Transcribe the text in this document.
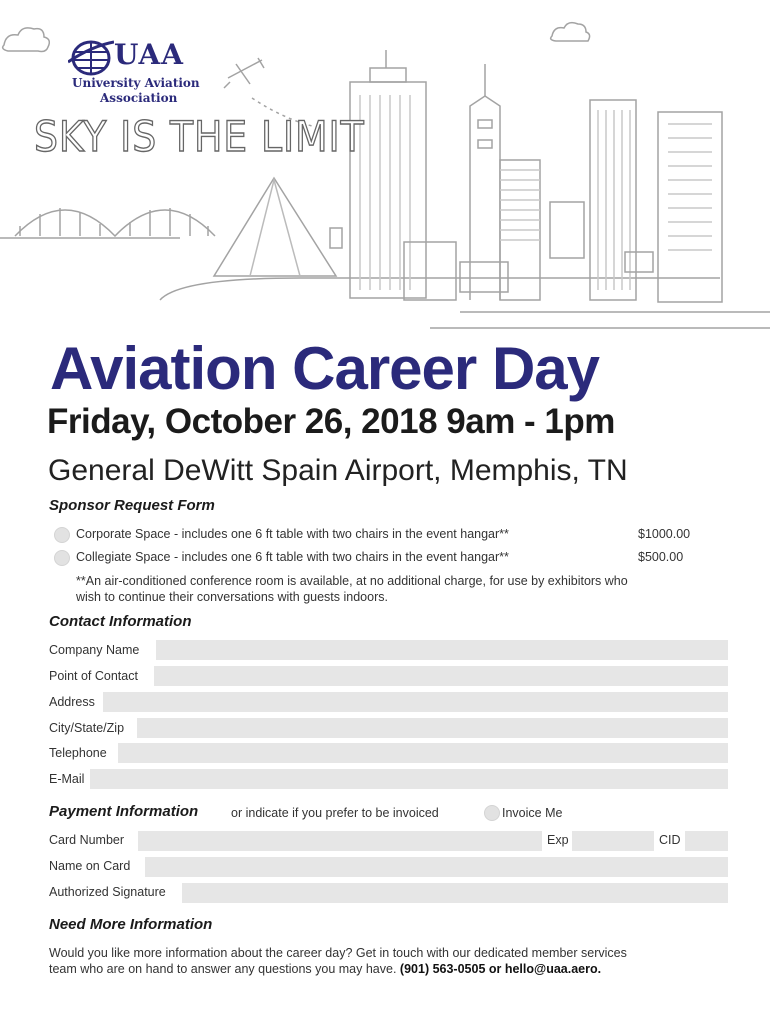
UAA
University Aviation
Association
SKY IS THE LIMIT
Aviation Career Day
Friday, October 26, 2018 9am - 1pm
General DeWitt Spain Airport, Memphis, TN
Sponsor Request Form
Corporate Space - includes one 6 ft table with two chairs in the event hangar**	$1000.00
Collegiate Space - includes one 6 ft table with two chairs in the event hangar**	$500.00
**An air-conditioned conference room is available, at no additional charge, for use by exhibitors who
wish to continue their conversations with guests indoors.
Contact Information
Company Name
Point of Contact
Address
City/State/Zip
Telephone
E-Mail
Payment Information	or indicate if you prefer to be invoiced	Invoice Me
Card Number	Exp	CID
Name on Card
Authorized Signature
Need More Information
Would you like more information about the career day? Get in touch with our dedicated member services
team who are on hand to answer any questions you may have. (901) 563-0505 or hello@uaa.aero.
